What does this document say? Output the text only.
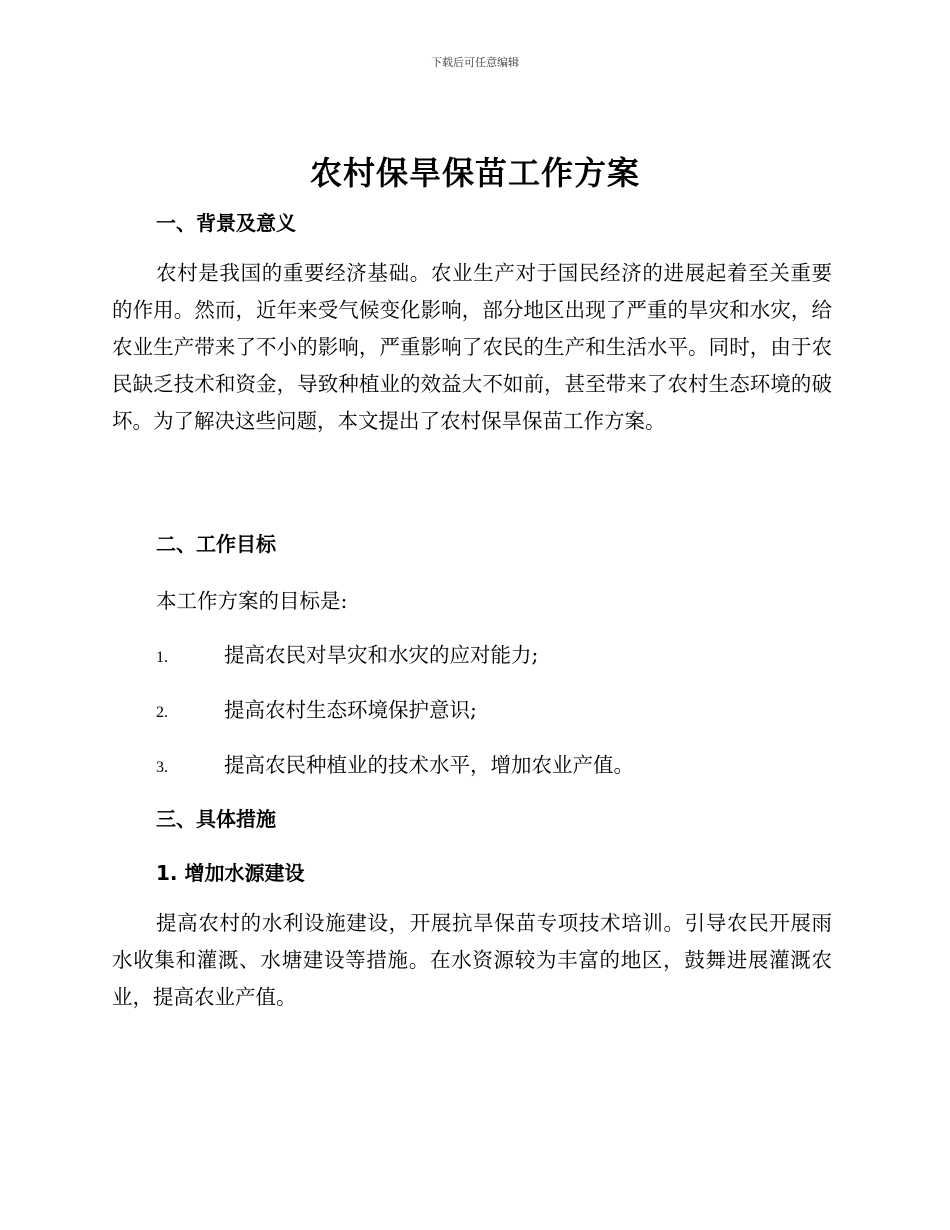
下载后可任意编辑
农村保旱保苗工作方案
一、背景及意义
农村是我国的重要经济基础。农业生产对于国民经济的进展起着至关重要的作用。然而，近年来受气候变化影响，部分地区出现了严重的旱灾和水灾，给农业生产带来了不小的影响，严重影响了农民的生产和生活水平。同时，由于农民缺乏技术和资金，导致种植业的效益大不如前，甚至带来了农村生态环境的破坏。为了解决这些问题，本文提出了农村保旱保苗工作方案。
二、工作目标
本工作方案的目标是:
1.	提高农民对旱灾和水灾的应对能力;
2.	提高农村生态环境保护意识;
3.	提高农民种植业的技术水平，增加农业产值。
三、具体措施
1. 增加水源建设
提高农村的水利设施建设，开展抗旱保苗专项技术培训。引导农民开展雨水收集和灌溉、水塘建设等措施。在水资源较为丰富的地区，鼓舞进展灌溉农业，提高农业产值。
